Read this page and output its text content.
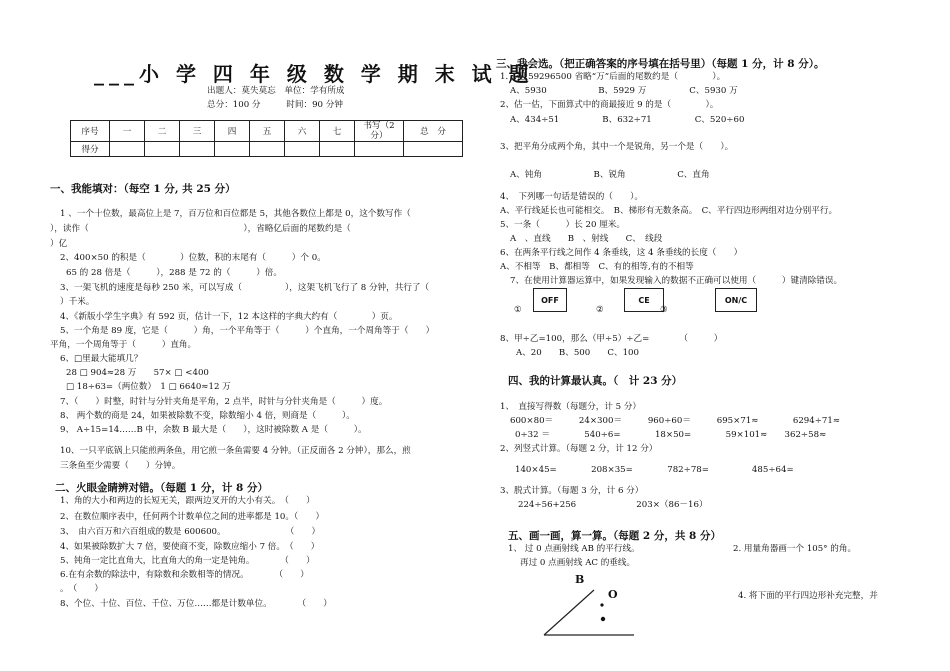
___小 学 四 年 级 数 学 期 末 试 题
出题人：莫失莫忘　单位：学有所成
总分：100 分　　　时间：90 分钟
序号	一	二	三	四	五	六	七	书写（2分）	总　分
得分									
一、我能填对：（每空 1 分, 共 25 分）
1 、一个十位数，最高位上是 7，百万位和百位都是 5，其他各数位上都是 0，这个数写作（
），读作（　　　　　　　　　　　　　　　　　　），省略亿后面的尾数约是（
）亿
2、400×50 的积是（　　　　）位数，积的末尾有（　　　）个 0。
65 的 28 倍是（　　　），288 是 72 的（　　　）倍。
3、一架飞机的速度是每秒 250 米，可以写成（　　　　　），这架飞机飞行了 8 分钟，共行了（
）千米。
4、《新版小学生字典》有 592 页，估计一下，12 本这样的字典大约有（　　　　）页。
5、一个角是 89 度，它是（　　　）角，一个平角等于（　　　）个直角，一个周角等于（　　）
平角，一个周角等于（　　　）直角。
6、□里最大能填几？
28 □ 904≈28 万　　57× □ <400
□ 18÷63=（两位数）　1 □ 6640≈12 万
7、（　　）时整，时针与分针夹角是平角，2 点半，时针与分针夹角是（　　　）度。
8、 两个数的商是 24，如果被除数不变，除数缩小 4 倍，则商是（　　　）。
9、 A÷15=14……B 中，余数 B 最大是（　　），这时被除数 A 是（　　　）。
10、一只平底锅上只能煎两条鱼，用它煎一条鱼需要 4 分钟。（正反面各 2 分钟），那么，煎
三条鱼至少需要（　　）分钟。
二、火眼金睛辨对错。（每题 1 分，计 8 分）
1、角的大小和两边的长短无关，跟两边叉开的大小有关。　（　　）
2、在数位顺序表中，任何两个计数单位之间的进率都是 10。（　　）
3、　由六百万和六百组成的数是 600600。　　　　　　　　（　　）
4、如果被除数扩大 7 倍，要使商不变，除数应缩小 7 倍。　（　　）
5、钝角一定比直角大，比直角大的角一定是钝角。　　　　（　　）
6.在有余数的除法中，有除数和余数相等的情况。　　　　（　　）
。　（　　）
8、个位、十位、百位、千位、万位……都是计数单位。　　　　（　　）
三、我会选。（把正确答案的序号填在括号里）（每题 1 分，计 8 分）。
1．.把 59296500 省略“万”后面的尾数约是（　　　　）。
A、5930　　　　　　B、5929 万　　　　　C、5930 万
2、估一估，下面算式中的商最接近 9 的是（　　　　）。
A、434÷51　　　　　B、632÷71　　　　　C、520÷60
3、把平角分成两个角，其中一个是锐角，另一个是（　　）。
A、钝角　　　　　　B、锐角　　　　　　C、直角
4、　下列哪一句话是错误的（　　）。
A、平行线延长也可能相交。　B、梯形有无数条高。　C、平行四边形两组对边分别平行。
5、一条（　　　）长 20 厘米。
A　、直线　　B　、射线　　C、　线段
6、在两条平行线之间作 4 条垂线，这 4 条垂线的长度（　　）
A、不相等　B、都相等　C、有的相等,有的不相等
7、在使用计算器运算中，如果发现输入的数据不正确可以使用（　　　）键清除错误。
①
OFF
②
CE
③
ON/C
8、甲÷乙=100，那么（甲÷5）÷乙=　　　　（　　　）
A、20　　B、500　　C、100
四、我的计算最认真。（　计 23 分）
1、　直接写得数（每题分，计 5 分）
600×80＝　　　24×300＝　　　960÷60＝　　　695×71≈　　　　6294÷71≈
0÷32 ＝　　　　540÷6=　　　　18×50=　　　　59×101≈　　362÷58≈
2、列竖式计算。（每题 2 分，计 12 分）
140×45=　　　　208×35=　　　　782÷78=　　　　　485÷64=
3、脱式计算。（每题 3 分，计 6 分）
224÷56+256　　　　　　　203×（86－16）
五、画一画，算一算。（每题 2 分，共 8 分）
1、 过 0 点画射线 AB 的平行线。
再过 0 点画射线 AC 的垂线。
2. 用量角器画一个 105° 的角。
4. 将下面的平行四边形补充完整，并
B
O
